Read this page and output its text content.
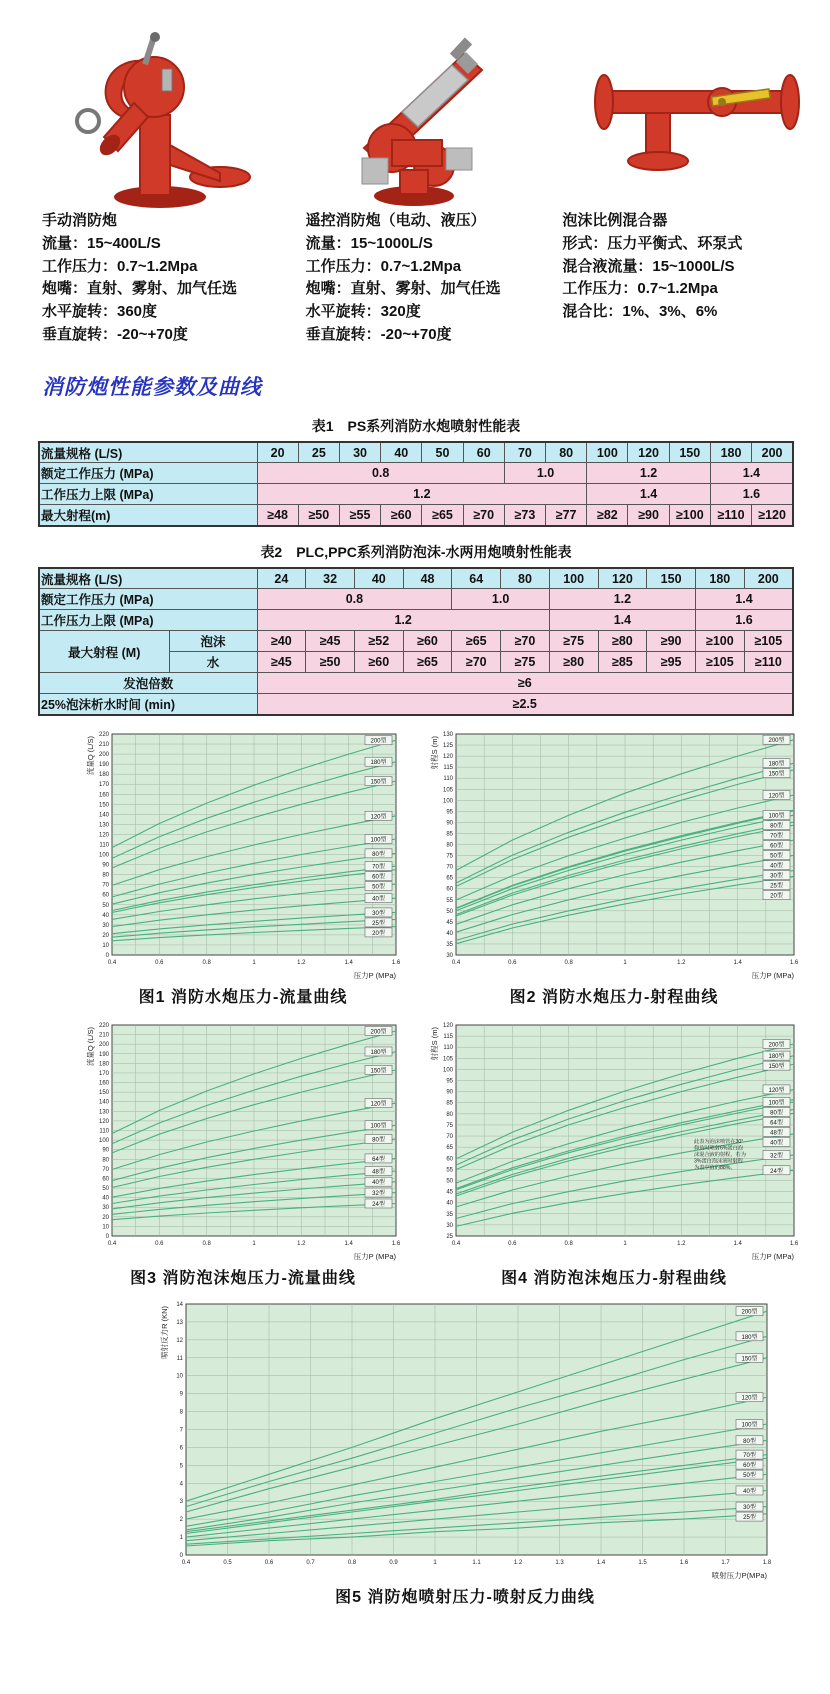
手动消防炮
流量：15~400L/S
工作压力：0.7~1.2Mpa
炮嘴：直射、雾射、加气任选
水平旋转：360度
垂直旋转：-20~+70度
遥控消防炮（电动、液压）
流量：15~1000L/S
工作压力：0.7~1.2Mpa
炮嘴：直射、雾射、加气任选
水平旋转：320度
垂直旋转：-20~+70度
泡沫比例混合器
形式：压力平衡式、环泵式
混合液流量：15~1000L/S
工作压力：0.7~1.2Mpa
混合比：1%、3%、6%
消防炮性能参数及曲线
表1　PS系列消防水炮喷射性能表
流量规格 (L/S)	20	25	30	40	50	60	70	80	100	120	150	180	200
额定工作压力 (MPa)	0.8						1.0		1.2			1.4	
工作压力上限 (MPa)	1.2								1.4			1.6	
最大射程(m)	≥48	≥50	≥55	≥60	≥65	≥70	≥73	≥77	≥82	≥90	≥100	≥110	≥120
表2　PLC,PPC系列消防泡沫-水两用炮喷射性能表
流量规格 (L/S)		24	32	40	48	64	80	100	120	150	180	200
额定工作压力 (MPa)		0.8				1.0		1.2			1.4	
工作压力上限 (MPa)		1.2						1.4			1.6	
最大射程 (M)	泡沫	≥40	≥45	≥52	≥60	≥65	≥70	≥75	≥80	≥90	≥100	≥105
	水	≥45	≥50	≥60	≥65	≥70	≥75	≥80	≥85	≥95	≥105	≥110
发泡倍数		≥6										
25%泡沫析水时间 (min)		≥2.5										
0
10
20
30
40
50
60
70
80
90
100
110
120
130
140
150
160
170
180
190
200
210
220
0.4	0.6	0.8	1	1.2	1.4	1.6
200型
180型
150型
120型
100型
80型
70型
60型
50型
40型
30型
25型
20型
流量Q (L/S)
压力P (MPa)
图1 消防水炮压力-流量曲线
30
35
40
45
50
55
60
65
70
75
80
85
90
95
100
105
110
115
120
125
130
0.4	0.6	0.8	1	1.2	1.4	1.6
200型
180型
150型
120型
100型
80型
70型
60型
50型
40型
30型
25型
20型
射程S (m)
压力P (MPa)
图2 消防水炮压力-射程曲线
0
10
20
30
40
50
60
70
80
90
100
110
120
130
140
150
160
170
180
190
200
210
220
0.4	0.6	0.8	1	1.2	1.4	1.6
200型
180型
150型
120型
100型
80型
64型
48型
40型
32型
24型
流量Q (L/S)
压力P (MPa)
图3 消防泡沫炮压力-流量曲线
25
30
35
40
45
50
55
60
65
70
75
80
85
90
95
100
105
110
115
120
0.4	0.6	0.8	1	1.2	1.4	1.6
200型
180型
150型
120型
100型
80型
64型
48型
40型
32型
24型
射程S (m)
压力P (MPa)
此表为泡沫喷管在30°
仰角时喷射6%蛋白泡
沫混合液的射程，若为
3%蛋白泡沫液时射程
为表中值的88%。
图4 消防泡沫炮压力-射程曲线
0
1
2
3
4
5
6
7
8
9
10
11
12
13
14
0.4	0.5	0.6	0.7	0.8	0.9	1	1.1	1.2	1.3	1.4	1.5	1.6	1.7	1.8
200型
180型
150型
120型
100型
80型
70型
60型
50型
40型
30型
25型
喷射反力R (KN)
喷射压力P(MPa)
图5 消防炮喷射压力-喷射反力曲线
